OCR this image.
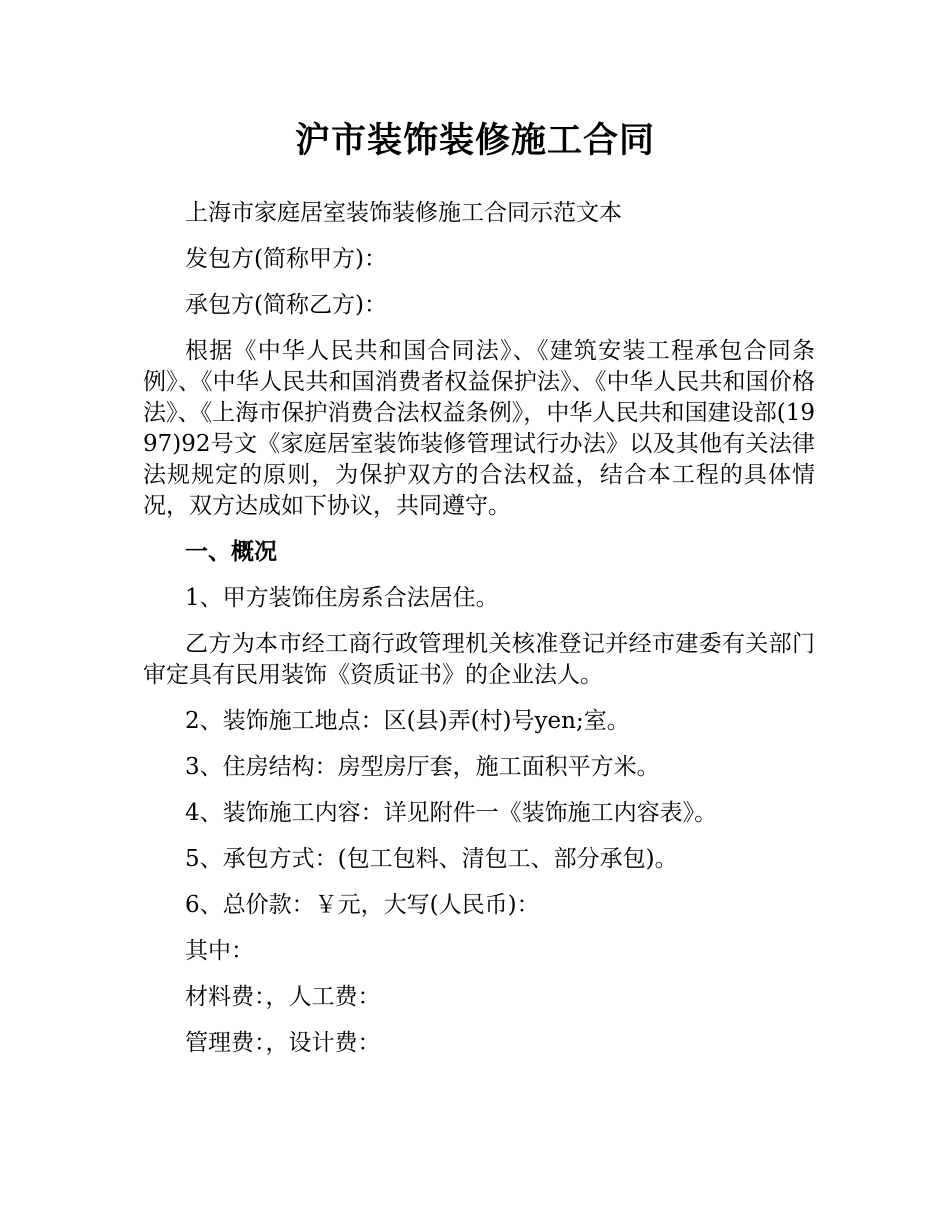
沪市装饰装修施工合同

上海市家庭居室装饰装修施工合同示范文本

发包方(简称甲方)：

承包方(简称乙方)：

根据《中华人民共和国合同法》、《建筑安装工程承包合同条例》、《中华人民共和国消费者权益保护法》、《中华人民共和国价格法》、《上海市保护消费合法权益条例》，中华人民共和国建设部(1997)92号文《家庭居室装饰装修管理试行办法》以及其他有关法律法规规定的原则，为保护双方的合法权益，结合本工程的具体情况，双方达成如下协议，共同遵守。

一、概况

1、甲方装饰住房系合法居住。

乙方为本市经工商行政管理机关核准登记并经市建委有关部门审定具有民用装饰《资质证书》的企业法人。

2、装饰施工地点：区(县)弄(村)号yen;室。

3、住房结构：房型房厅套，施工面积平方米。

4、装饰施工内容：详见附件一《装饰施工内容表》。

5、承包方式：(包工包料、清包工、部分承包)。

6、总价款：￥元，大写(人民币)：

其中：

材料费：，人工费：

管理费：，设计费：
